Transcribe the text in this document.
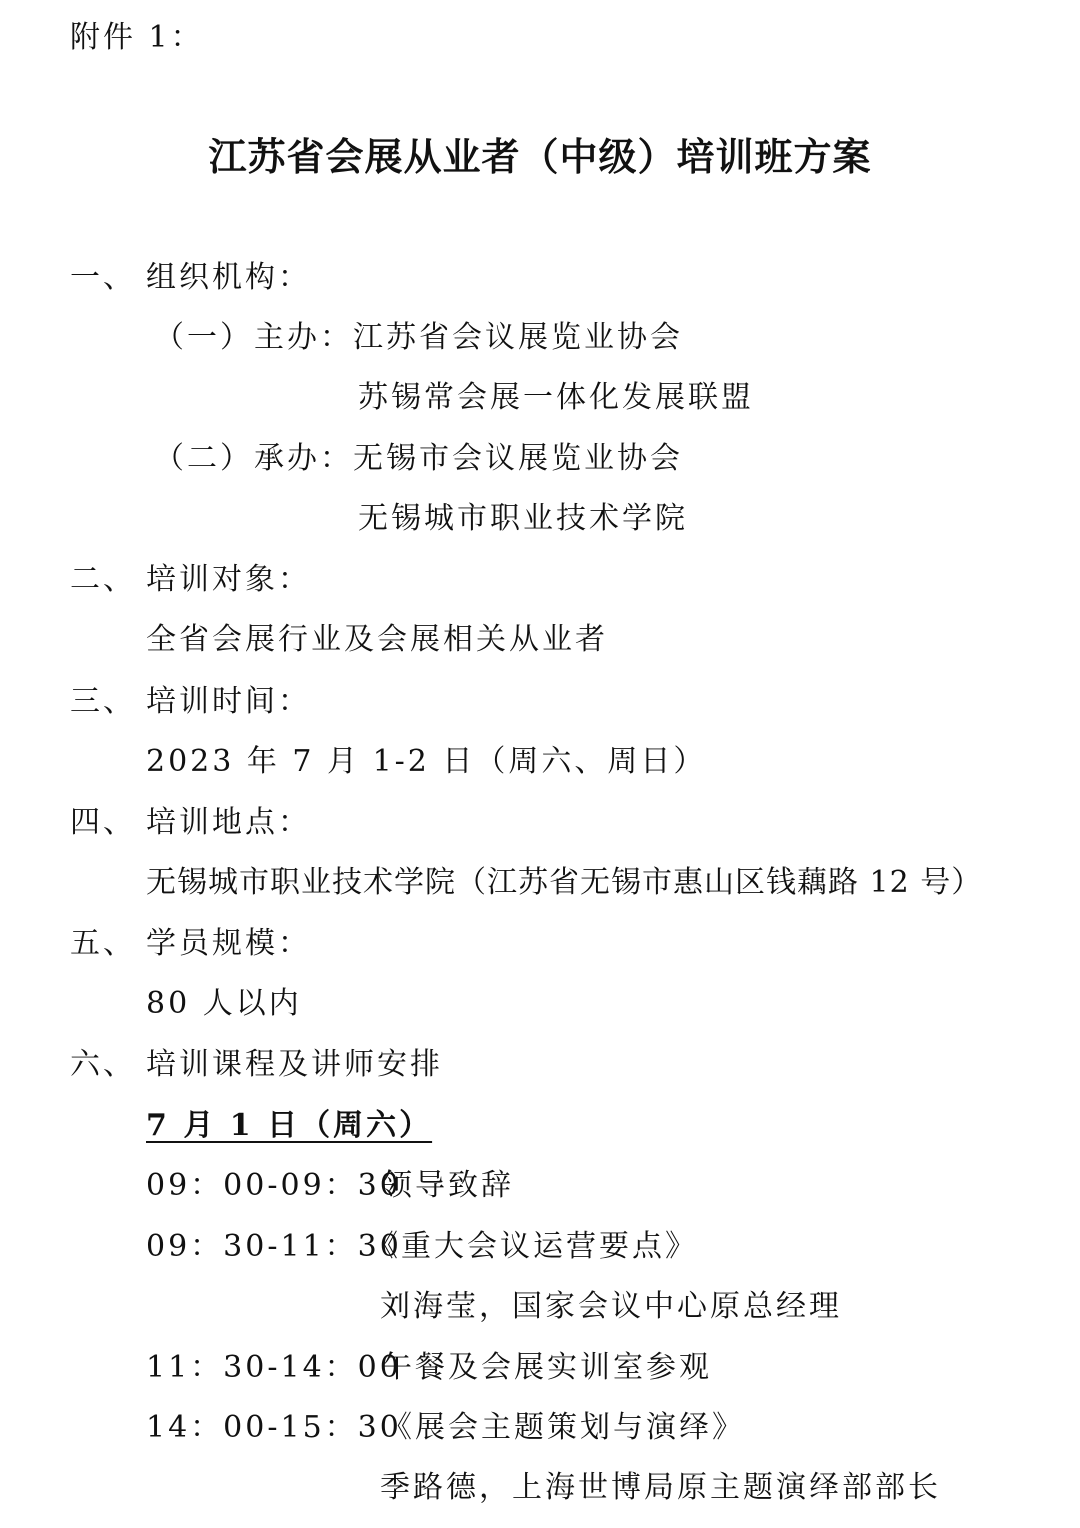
附件 1：
江苏省会展从业者（中级）培训班方案
一、 组织机构：
（一）主办：江苏省会议展览业协会
苏锡常会展一体化发展联盟
（二）承办：无锡市会议展览业协会
无锡城市职业技术学院
二、 培训对象：
全省会展行业及会展相关从业者
三、 培训时间：
2023 年 7 月 1-2 日（周六、周日）
四、 培训地点：
无锡城市职业技术学院（江苏省无锡市惠山区钱藕路 12 号）
五、 学员规模：
80 人以内
六、 培训课程及讲师安排
7 月 1 日（周六）
09：00-09：30领导致辞
09：30-11：30《重大会议运营要点》
刘海莹，国家会议中心原总经理
11：30-14：00午餐及会展实训室参观
14：00-15：30《展会主题策划与演绎》
季路德，上海世博局原主题演绎部部长
